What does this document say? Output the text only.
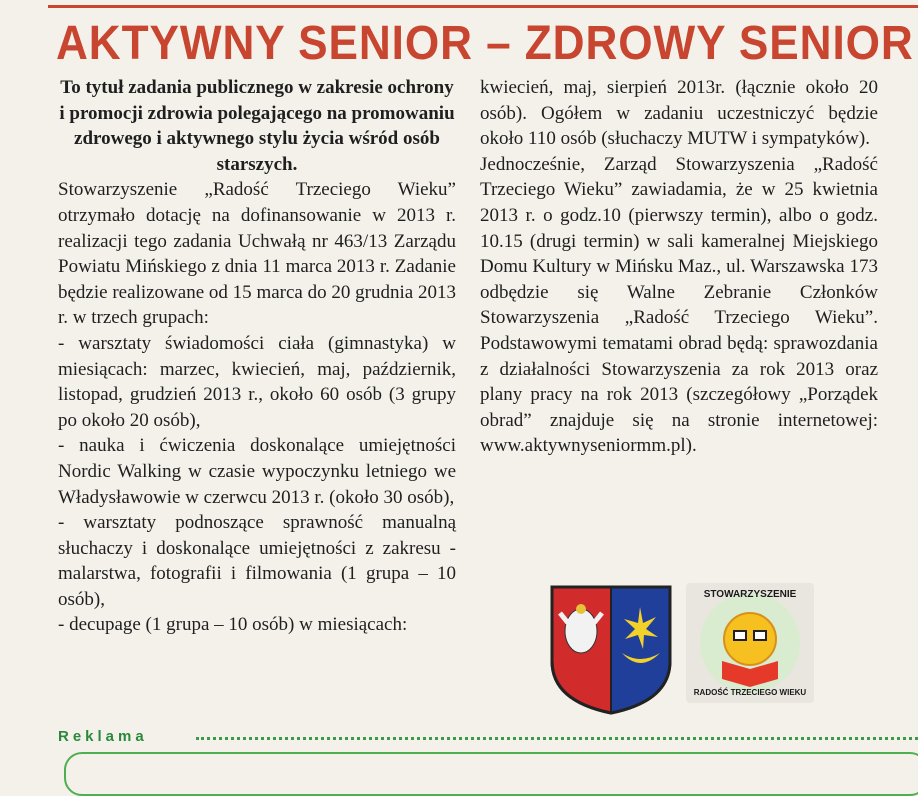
AKTYWNY SENIOR – ZDROWY SENIOR

To tytuł zadania publicznego w zakresie ochrony i promocji zdrowia polegającego na promowaniu zdrowego i aktywnego stylu życia wśród osób starszych.

Stowarzyszenie „Radość Trzeciego Wieku” otrzymało dotację na dofinansowanie w 2013 r. realizacji tego zadania Uchwałą nr 463/13 Zarządu Powiatu Mińskiego z dnia 11 marca 2013 r. Zadanie będzie realizowane od 15 marca do 20 grudnia 2013 r. w trzech grupach:

- warsztaty świadomości ciała (gimnastyka) w miesiącach: marzec, kwiecień, maj, październik, listopad, grudzień 2013 r., około 60 osób (3 grupy po około 20 osób),

- nauka i ćwiczenia doskonalące umiejętności Nordic Walking w czasie wypoczynku letniego we Władysławowie w czerwcu 2013 r. (około 30 osób),

- warsztaty podnoszące sprawność manualną słuchaczy i doskonalące umiejętności z zakresu - malarstwa, fotografii i filmowania (1 grupa – 10 osób),

- decupage (1 grupa – 10 osób) w miesiącach:

kwiecień, maj, sierpień 2013r. (łącznie około 20 osób). Ogółem w zadaniu uczestniczyć będzie około 110 osób (słuchaczy MUTW i sympatyków).

Jednocześnie, Zarząd Stowarzyszenia „Radość Trzeciego Wieku” zawiadamia, że w 25 kwietnia 2013 r. o godz.10 (pierwszy termin), albo o godz. 10.15 (drugi termin) w sali kameralnej Miejskiego Domu Kultury w Mińsku Maz., ul. Warszawska 173 odbędzie się Walne Zebranie Członków Stowarzyszenia „Radość Trzeciego Wieku”. Podstawowymi tematami obrad będą: sprawozdania z działalności Stowarzyszenia za rok 2013 oraz plany pracy na rok 2013 (szczegółowy „Porządek obrad” znajduje się na stronie internetowej: www.aktywnyseniormm.pl).

STOWARZYSZENIE
RADOŚĆ TRZECIEGO WIEKU
Reklama
